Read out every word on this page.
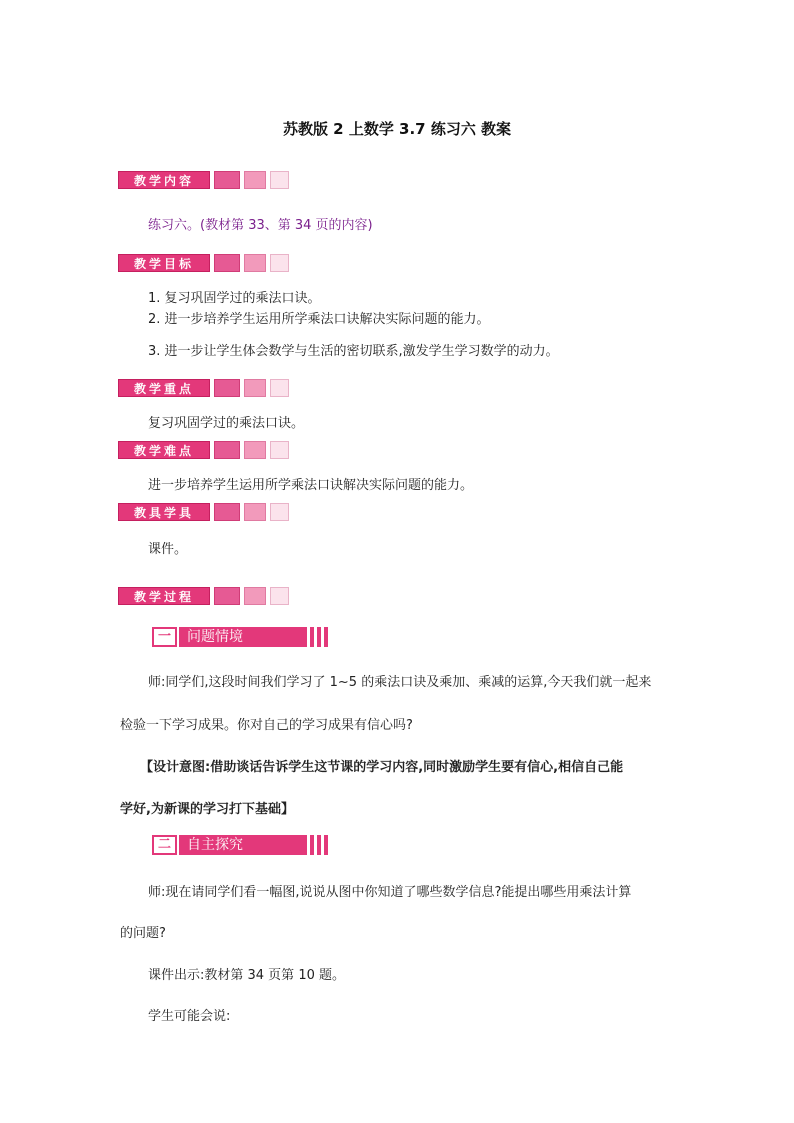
苏教版 2 上数学 3.7 练习六 教案
教学内容
练习六。(教材第 33、第 34 页的内容)
教学目标
1. 复习巩固学过的乘法口诀。
2. 进一步培养学生运用所学乘法口诀解决实际问题的能力。
3. 进一步让学生体会数学与生活的密切联系,激发学生学习数学的动力。
教学重点
复习巩固学过的乘法口诀。
教学难点
进一步培养学生运用所学乘法口诀解决实际问题的能力。
教具学具
课件。
教学过程
一	问题情境
师:同学们,这段时间我们学习了 1~5 的乘法口诀及乘加、乘减的运算,今天我们就一起来
检验一下学习成果。你对自己的学习成果有信心吗?
【设计意图:借助谈话告诉学生这节课的学习内容,同时激励学生要有信心,相信自己能
学好,为新课的学习打下基础】
二	自主探究
师:现在请同学们看一幅图,说说从图中你知道了哪些数学信息?能提出哪些用乘法计算
的问题?
课件出示:教材第 34 页第 10 题。
学生可能会说:
